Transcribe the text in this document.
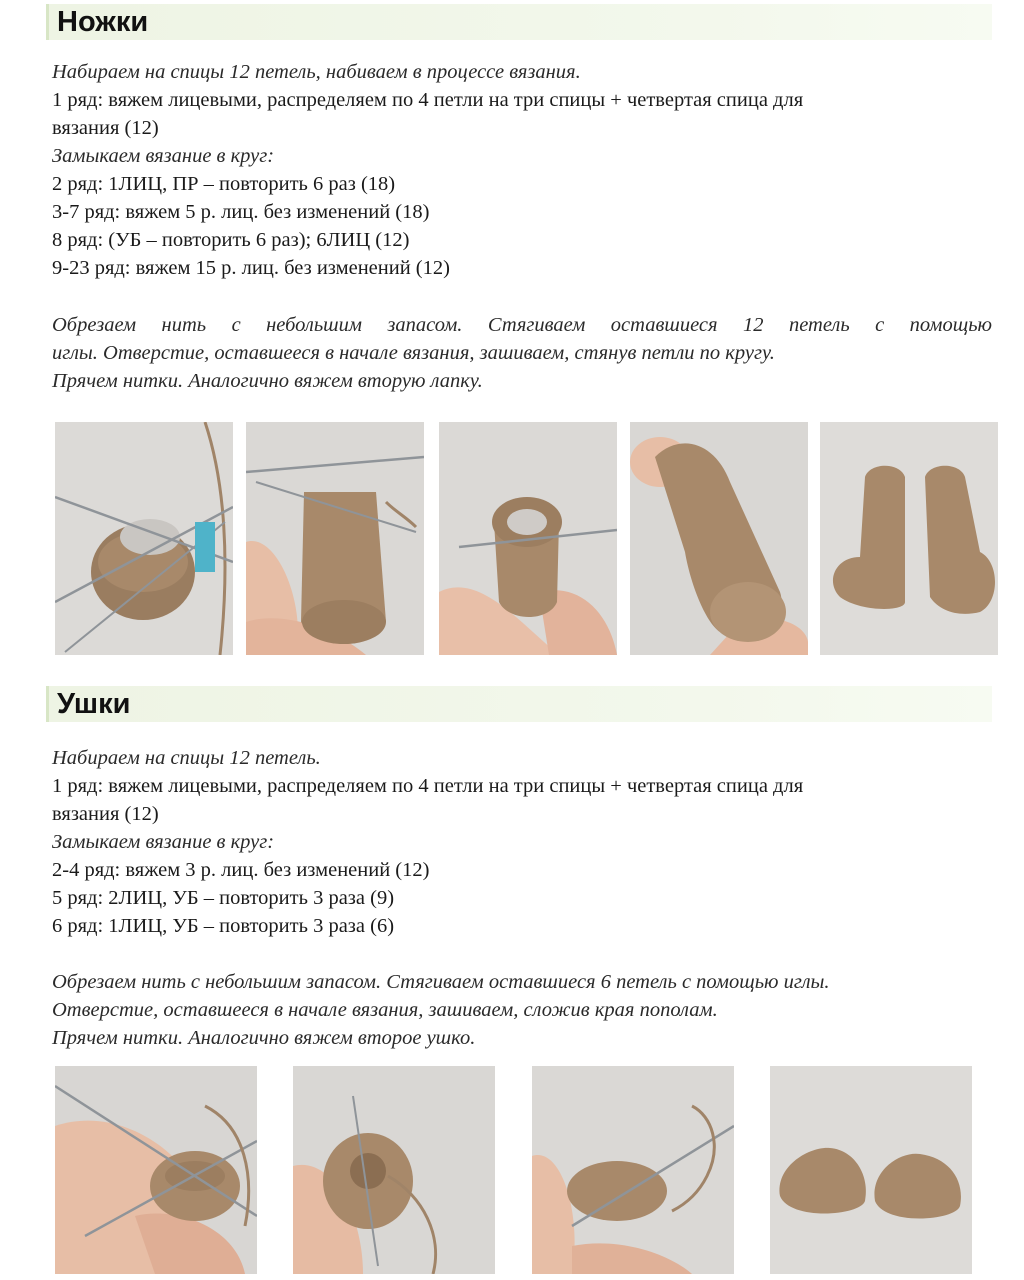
Ножки
Набираем на спицы 12 петель, набиваем в процессе вязания.
1 ряд: вяжем лицевыми, распределяем по 4 петли на три спицы + четвертая спица для
вязания (12)
Замыкаем вязание в круг:
2 ряд: 1ЛИЦ, ПР – повторить 6 раз (18)
3-7 ряд: вяжем 5 р. лиц. без изменений (18)
8 ряд: (УБ – повторить 6 раз); 6ЛИЦ (12)
9-23 ряд: вяжем 15 р. лиц. без изменений (12)
Обрезаем нить с небольшим запасом. Стягиваем оставшиеся 12 петель с помощью
иглы. Отверстие, оставшееся в начале вязания, зашиваем, стянув петли по кругу.
Прячем нитки. Аналогично вяжем вторую лапку.
Ушки
Набираем на спицы 12 петель.
1 ряд: вяжем лицевыми, распределяем по 4 петли на три спицы + четвертая спица для
вязания (12)
Замыкаем вязание в круг:
2-4 ряд: вяжем 3 р. лиц. без изменений (12)
5 ряд: 2ЛИЦ, УБ – повторить 3 раза (9)
6 ряд: 1ЛИЦ, УБ – повторить 3 раза (6)
Обрезаем нить с небольшим запасом. Стягиваем оставшиеся 6 петель с помощью иглы.
Отверстие, оставшееся в начале вязания, зашиваем, сложив края пополам.
Прячем нитки. Аналогично вяжем второе ушко.
